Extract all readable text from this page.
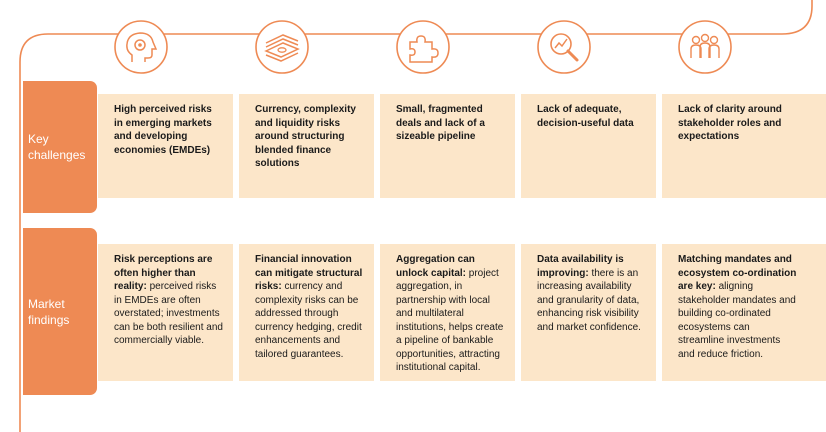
Key challenges
Market findings
High perceived risks in emerging markets and developing economies (EMDEs)
Currency, complexity and liquidity risks around structuring blended finance solutions
Small, fragmented deals and lack of a sizeable pipeline
Lack of adequate, decision-useful data
Lack of clarity around stakeholder roles and expectations
Risk perceptions are often higher than reality: perceived risks in EMDEs are often overstated; investments can be both resilient and commercially viable.
Financial innovation can mitigate structural risks: currency and complexity risks can be addressed through currency hedging, credit enhancements and tailored guarantees.
Aggregation can unlock capital: project aggregation, in partnership with local and multilateral institutions, helps create a pipeline of bankable opportunities, attracting institutional capital.
Data availability is improving: there is an increasing availability and granularity of data, enhancing risk visibility and market confidence.
Matching mandates and ecosystem co-ordination are key: aligning stakeholder mandates and building co-ordinated ecosystems can streamline investments and reduce friction.
